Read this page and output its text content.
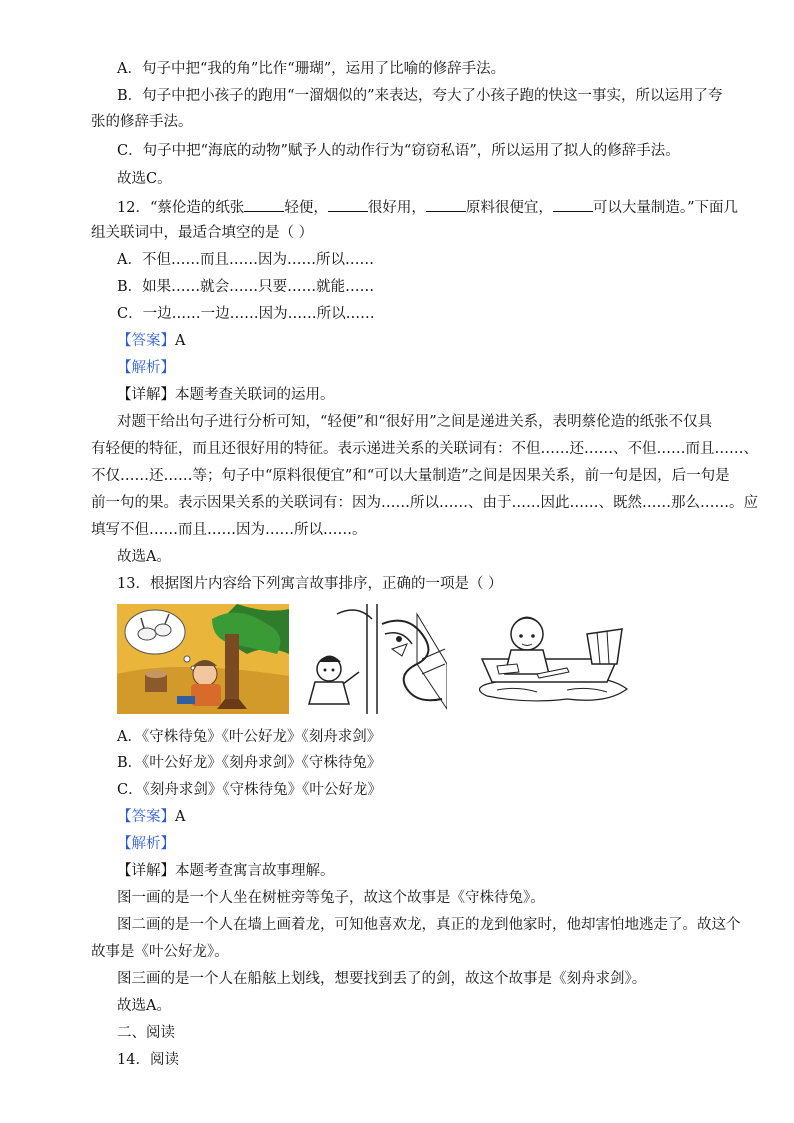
A．句子中把“我的角”比作“珊瑚”，运用了比喻的修辞手法。
B．句子中把小孩子的跑用“一溜烟似的”来表达，夸大了小孩子跑的快这一事实，所以运用了夸
张的修辞手法。
C．句子中把“海底的动物”赋予人的动作行为“窃窃私语”，所以运用了拟人的修辞手法。
故选C。
12．“蔡伦造的纸张	轻便，	很好用，	原料很便宜，	可以大量制造。”下面几
组关联词中，最适合填空的是（ ）
A．不但……而且……因为……所以……
B．如果……就会……只要……就能……
C．一边……一边……因为……所以……
【答案】A
【解析】
【详解】本题考查关联词的运用。
对题干给出句子进行分析可知，“轻便”和“很好用”之间是递进关系，表明蔡伦造的纸张不仅具
有轻便的特征，而且还很好用的特征。表示递进关系的关联词有：不但……还……、不但……而且……、
不仅……还……等；句子中“原料很便宜”和“可以大量制造”之间是因果关系，前一句是因，后一句是
前一句的果。表示因果关系的关联词有：因为……所以……、由于……因此……、既然……那么……。应
填写不但……而且……因为……所以……。
故选A。
13．根据图片内容给下列寓言故事排序，正确的一项是（ ）
A．《守株待兔》《叶公好龙》《刻舟求剑》
B．《叶公好龙》《刻舟求剑》《守株待兔》
C．《刻舟求剑》《守株待兔》《叶公好龙》
【答案】A
【解析】
【详解】本题考查寓言故事理解。
图一画的是一个人坐在树桩旁等兔子，故这个故事是《守株待兔》。
图二画的是一个人在墙上画着龙，可知他喜欢龙，真正的龙到他家时，他却害怕地逃走了。故这个
故事是《叶公好龙》。
图三画的是一个人在船舷上划线，想要找到丢了的剑，故这个故事是《刻舟求剑》。
故选A。
二、阅读
14．阅读
